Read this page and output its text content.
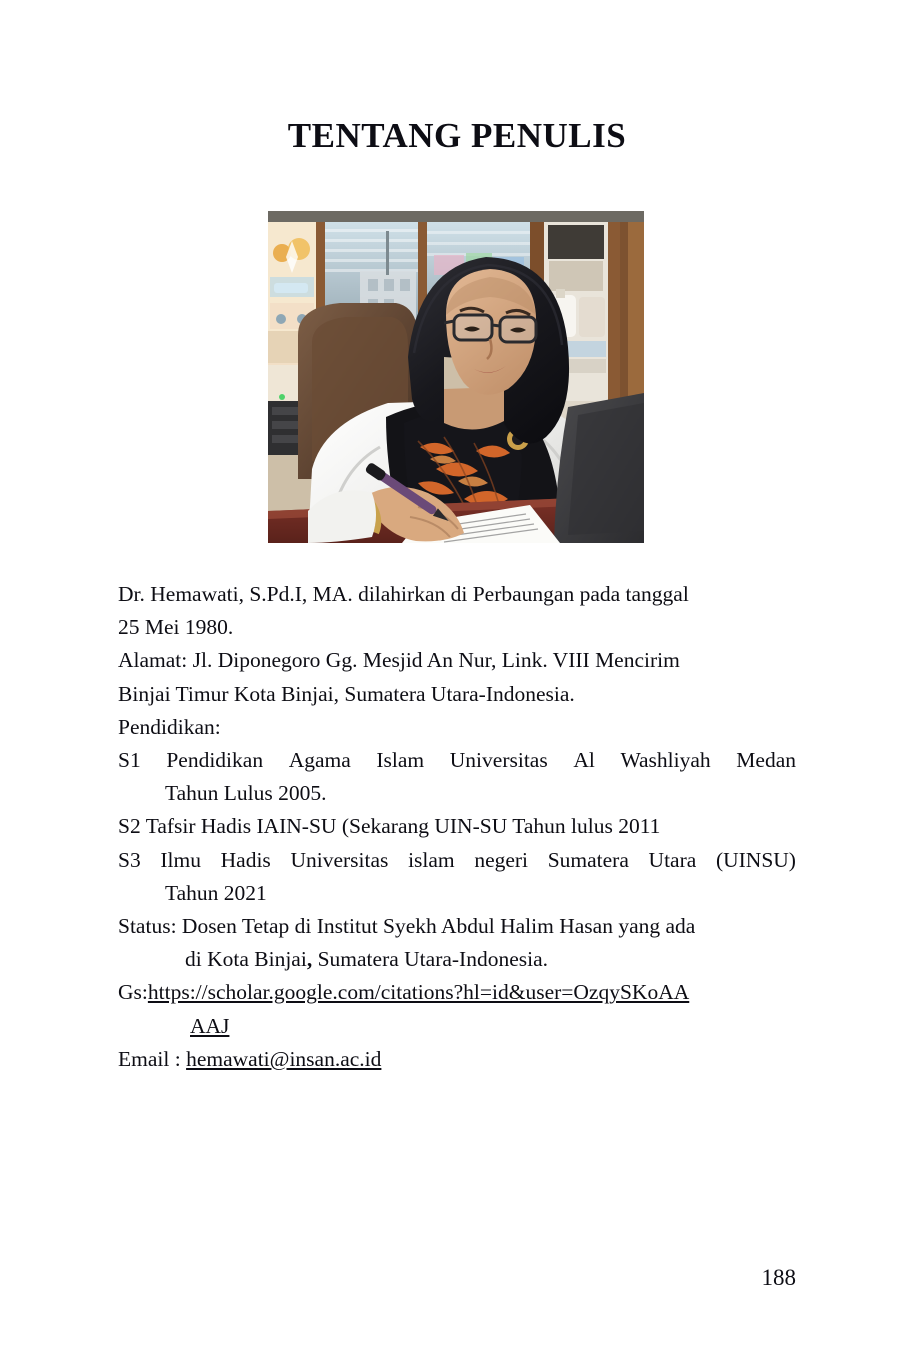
TENTANG PENULIS
Dr. Hemawati, S.Pd.I, MA. dilahirkan di Perbaungan pada tanggal
25 Mei 1980.
Alamat: Jl. Diponegoro Gg. Mesjid An Nur, Link. VIII Mencirim
Binjai Timur Kota Binjai, Sumatera Utara-Indonesia.
Pendidikan:
S1 Pendidikan Agama Islam Universitas Al Washliyah Medan
Tahun Lulus 2005.
S2 Tafsir Hadis IAIN-SU (Sekarang UIN-SU Tahun lulus 2011
S3 Ilmu Hadis Universitas islam negeri Sumatera Utara (UINSU)
Tahun 2021
Status: Dosen Tetap di Institut Syekh Abdul Halim Hasan yang ada
di Kota Binjai, Sumatera Utara-Indonesia.
Gs:https://scholar.google.com/citations?hl=id&user=OzqySKoAA
AAJ
Email : hemawati@insan.ac.id
188
